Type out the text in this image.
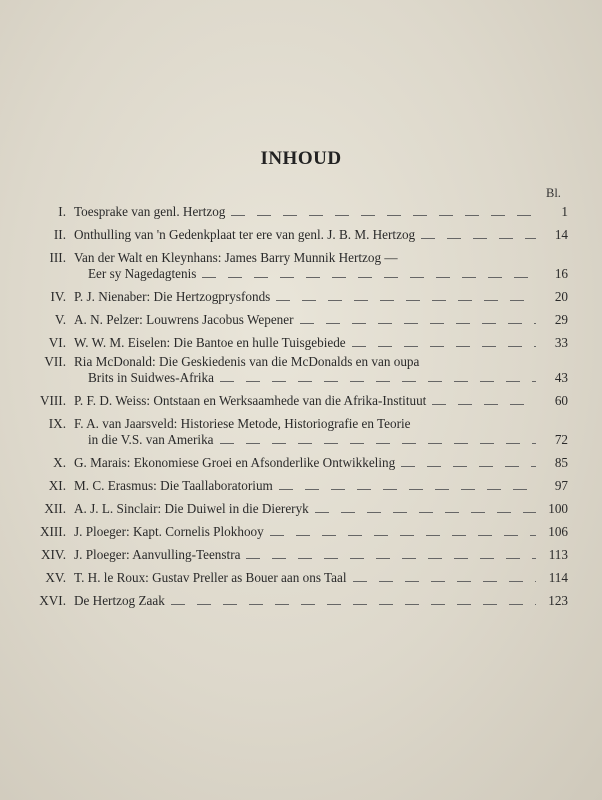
INHOUD
Bl.
I. Toesprake van genl. Hertzog	1
II. Onthulling van 'n Gedenkplaat ter ere van genl. J. B. M. Hertzog	14
III. Van der Walt en Kleynhans: James Barry Munnik Hertzog —
Eer sy Nagedagtenis	16
IV. P. J. Nienaber: Die Hertzogprysfonds	20
V. A. N. Pelzer: Louwrens Jacobus Wepener	29
VI. W. W. M. Eiselen: Die Bantoe en hulle Tuisgebiede	33
VII. Ria McDonald: Die Geskiedenis van die McDonalds en van oupa
Brits in Suidwes-Afrika	43
VIII. P. F. D. Weiss: Ontstaan en Werksaamhede van die Afrika-Instituut	60
IX. F. A. van Jaarsveld: Historiese Metode, Historiografie en Teorie
in die V.S. van Amerika	72
X. G. Marais: Ekonomiese Groei en Afsonderlike Ontwikkeling	85
XI. M. C. Erasmus: Die Taallaboratorium	97
XII. A. J. L. Sinclair: Die Duiwel in die Diereryk	100
XIII. J. Ploeger: Kapt. Cornelis Plokhooy	106
XIV. J. Ploeger: Aanvulling-Teenstra	113
XV. T. H. le Roux: Gustav Preller as Bouer aan ons Taal	114
XVI. De Hertzog Zaak	123
